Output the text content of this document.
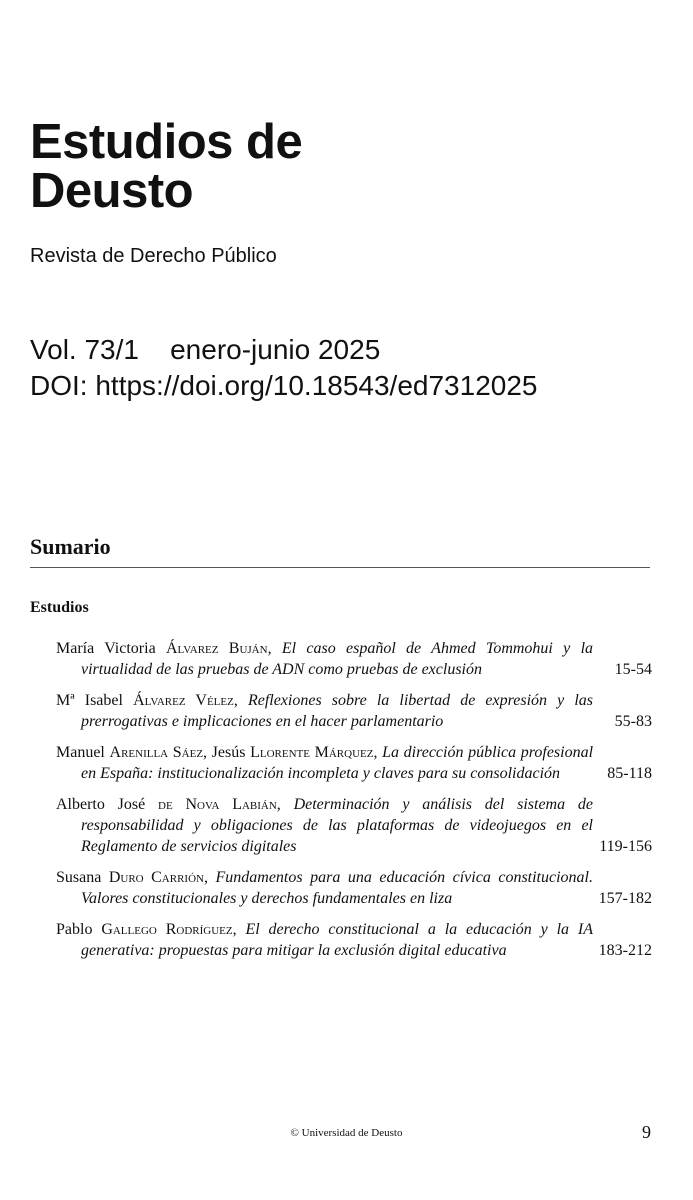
Estudios de
Deusto
Revista de Derecho Público
Vol. 73/1 enero-junio 2025
DOI: https://doi.org/10.18543/ed7312025
Sumario
Estudios
María Victoria Álvarez Buján, El caso español de Ahmed Tommohui y la virtualidad de las pruebas de ADN como pruebas de exclusión	15-54
Mª Isabel Álvarez Vélez, Reflexiones sobre la libertad de expresión y las prerrogativas e implicaciones en el hacer parlamentario	55-83
Manuel Arenilla Sáez, Jesús Llorente Márquez, La dirección pública profesional en España: institucionalización incompleta y claves para su consolidación	85-118
Alberto José de Nova Labián, Determinación y análisis del sistema de responsabilidad y obligaciones de las plataformas de videojuegos en el Reglamento de servicios digitales	119-156
Susana Duro Carrión, Fundamentos para una educación cívica constitucional. Valores constitucionales y derechos fundamentales en liza	157-182
Pablo Gallego Rodríguez, El derecho constitucional a la educación y la IA generativa: propuestas para mitigar la exclusión digital educativa	183-212
© Universidad de Deusto	9
